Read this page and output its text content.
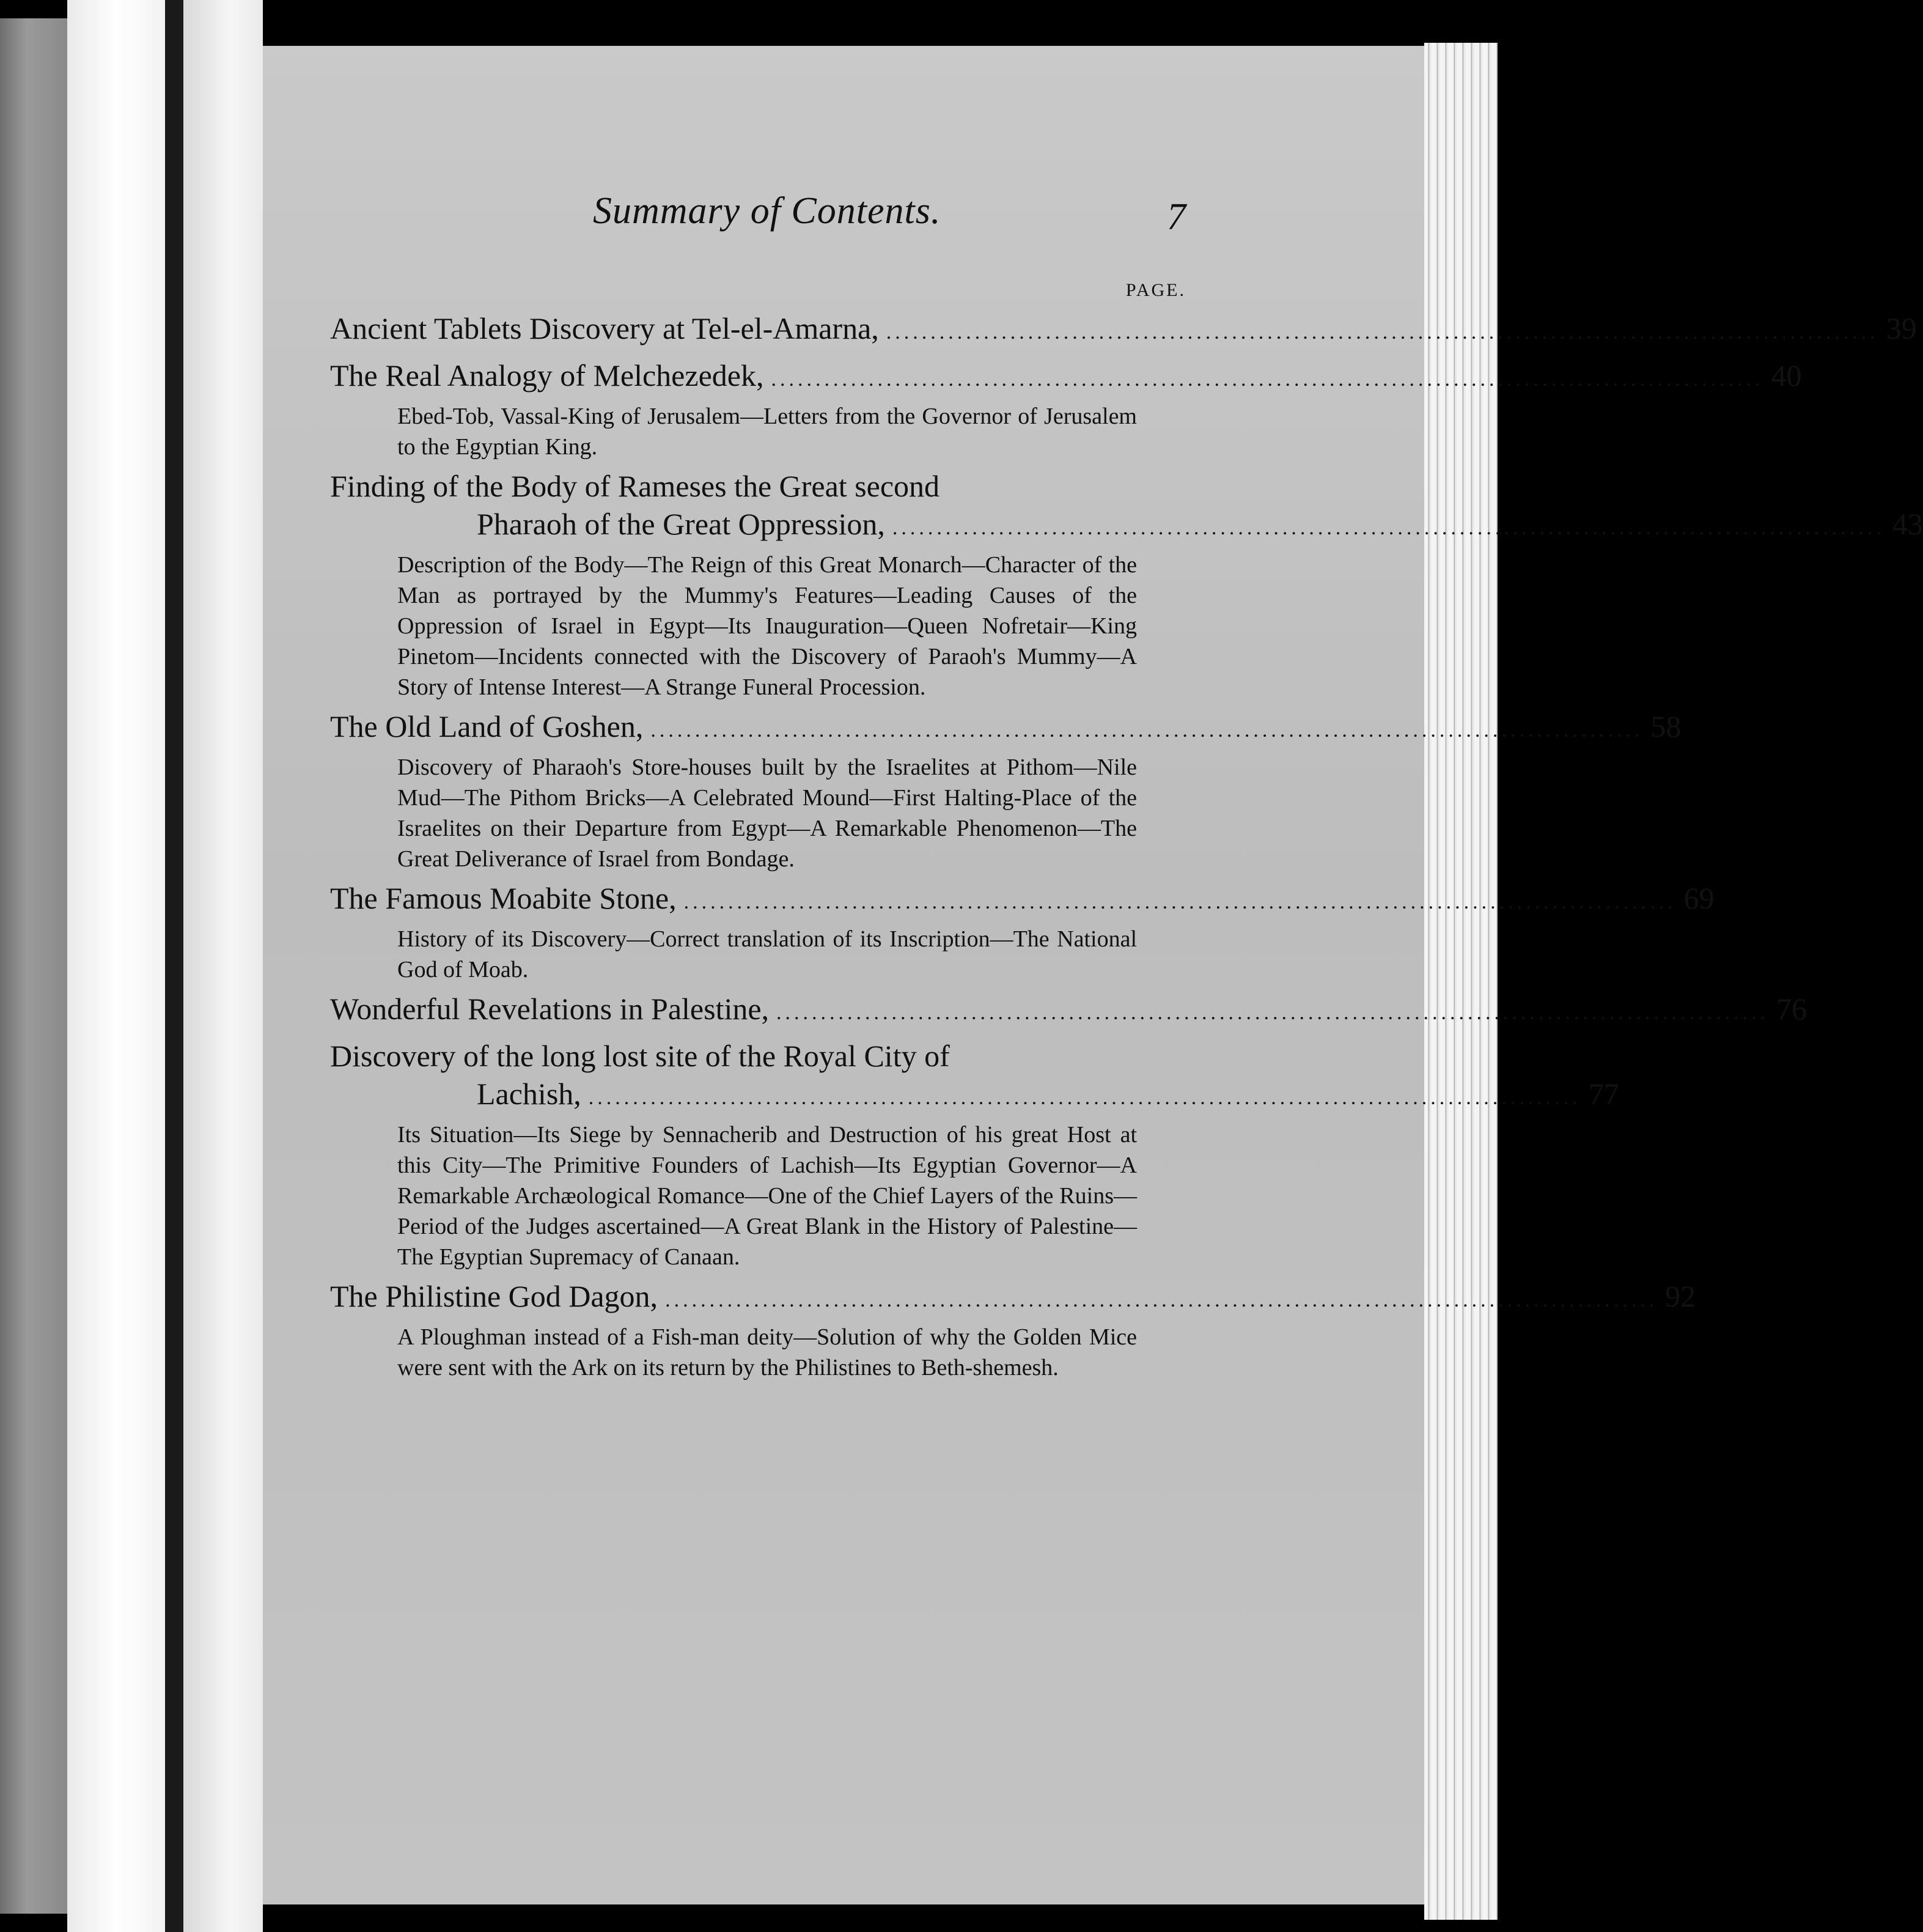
Summary of Contents.	7
PAGE.
Ancient Tablets Discovery at Tel-el-Amarna, ................................................................................................................ 39
The Real Analogy of Melchezedek, ................................................................................................................ 40
Ebed-Tob, Vassal-King of Jerusalem—Letters from the Governor of Jerusalem to the Egyptian King.
Finding of the Body of Rameses the Great second
Pharaoh of the Great Oppression, ................................................................................................................ 43
Description of the Body—The Reign of this Great Monarch—Character of the Man as portrayed by the Mummy's Features—Leading Causes of the Oppression of Israel in Egypt—Its Inauguration—Queen Nofretair—King Pinetom—Incidents connected with the Discovery of Paraoh's Mummy—A Story of Intense Interest—A Strange Funeral Procession.
The Old Land of Goshen, ................................................................................................................ 58
Discovery of Pharaoh's Store-houses built by the Israelites at Pithom—Nile Mud—The Pithom Bricks—A Celebrated Mound—First Halting-Place of the Israelites on their Departure from Egypt—A Remarkable Phenomenon—The Great Deliverance of Israel from Bondage.
The Famous Moabite Stone, ................................................................................................................ 69
History of its Discovery—Correct translation of its Inscription—The National God of Moab.
Wonderful Revelations in Palestine, ................................................................................................................ 76
Discovery of the long lost site of the Royal City of
Lachish, ................................................................................................................ 77
Its Situation—Its Siege by Sennacherib and Destruction of his great Host at this City—The Primitive Founders of Lachish—Its Egyptian Governor—A Remarkable Archæological Romance—One of the Chief Layers of the Ruins—Period of the Judges ascertained—A Great Blank in the History of Palestine—The Egyptian Supremacy of Canaan.
The Philistine God Dagon, ................................................................................................................ 92
A Ploughman instead of a Fish-man deity—Solution of why the Golden Mice were sent with the Ark on its return by the Philistines to Beth-shemesh.
